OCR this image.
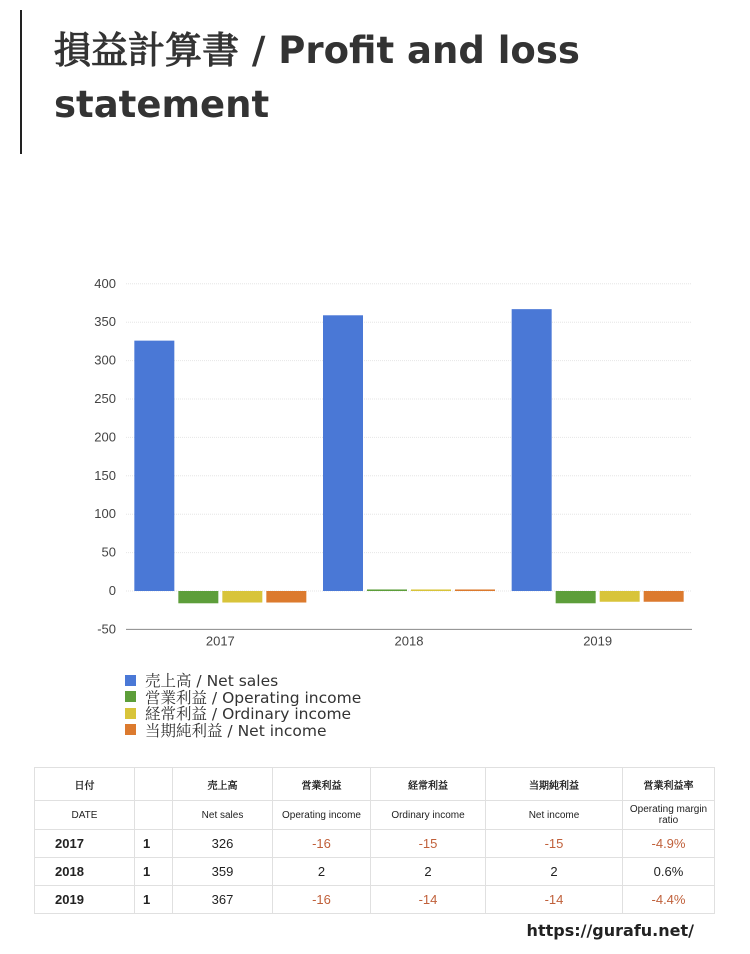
損益計算書 / Profit and loss statement
400
350
300
250
200
150
100
50
0
-50
2017	2018	2019
売上高 / Net sales
営業利益 / Operating income
経常利益 / Ordinary income
当期純利益 / Net income
日付		売上高	営業利益	経常利益	当期純利益	営業利益率
DATE		Net sales	Operating income	Ordinary income	Net income	Operating margin ratio
2017	1	326	-16	-15	-15	-4.9%
2018	1	359	2	2	2	0.6%
2019	1	367	-16	-14	-14	-4.4%
https://gurafu.net/
